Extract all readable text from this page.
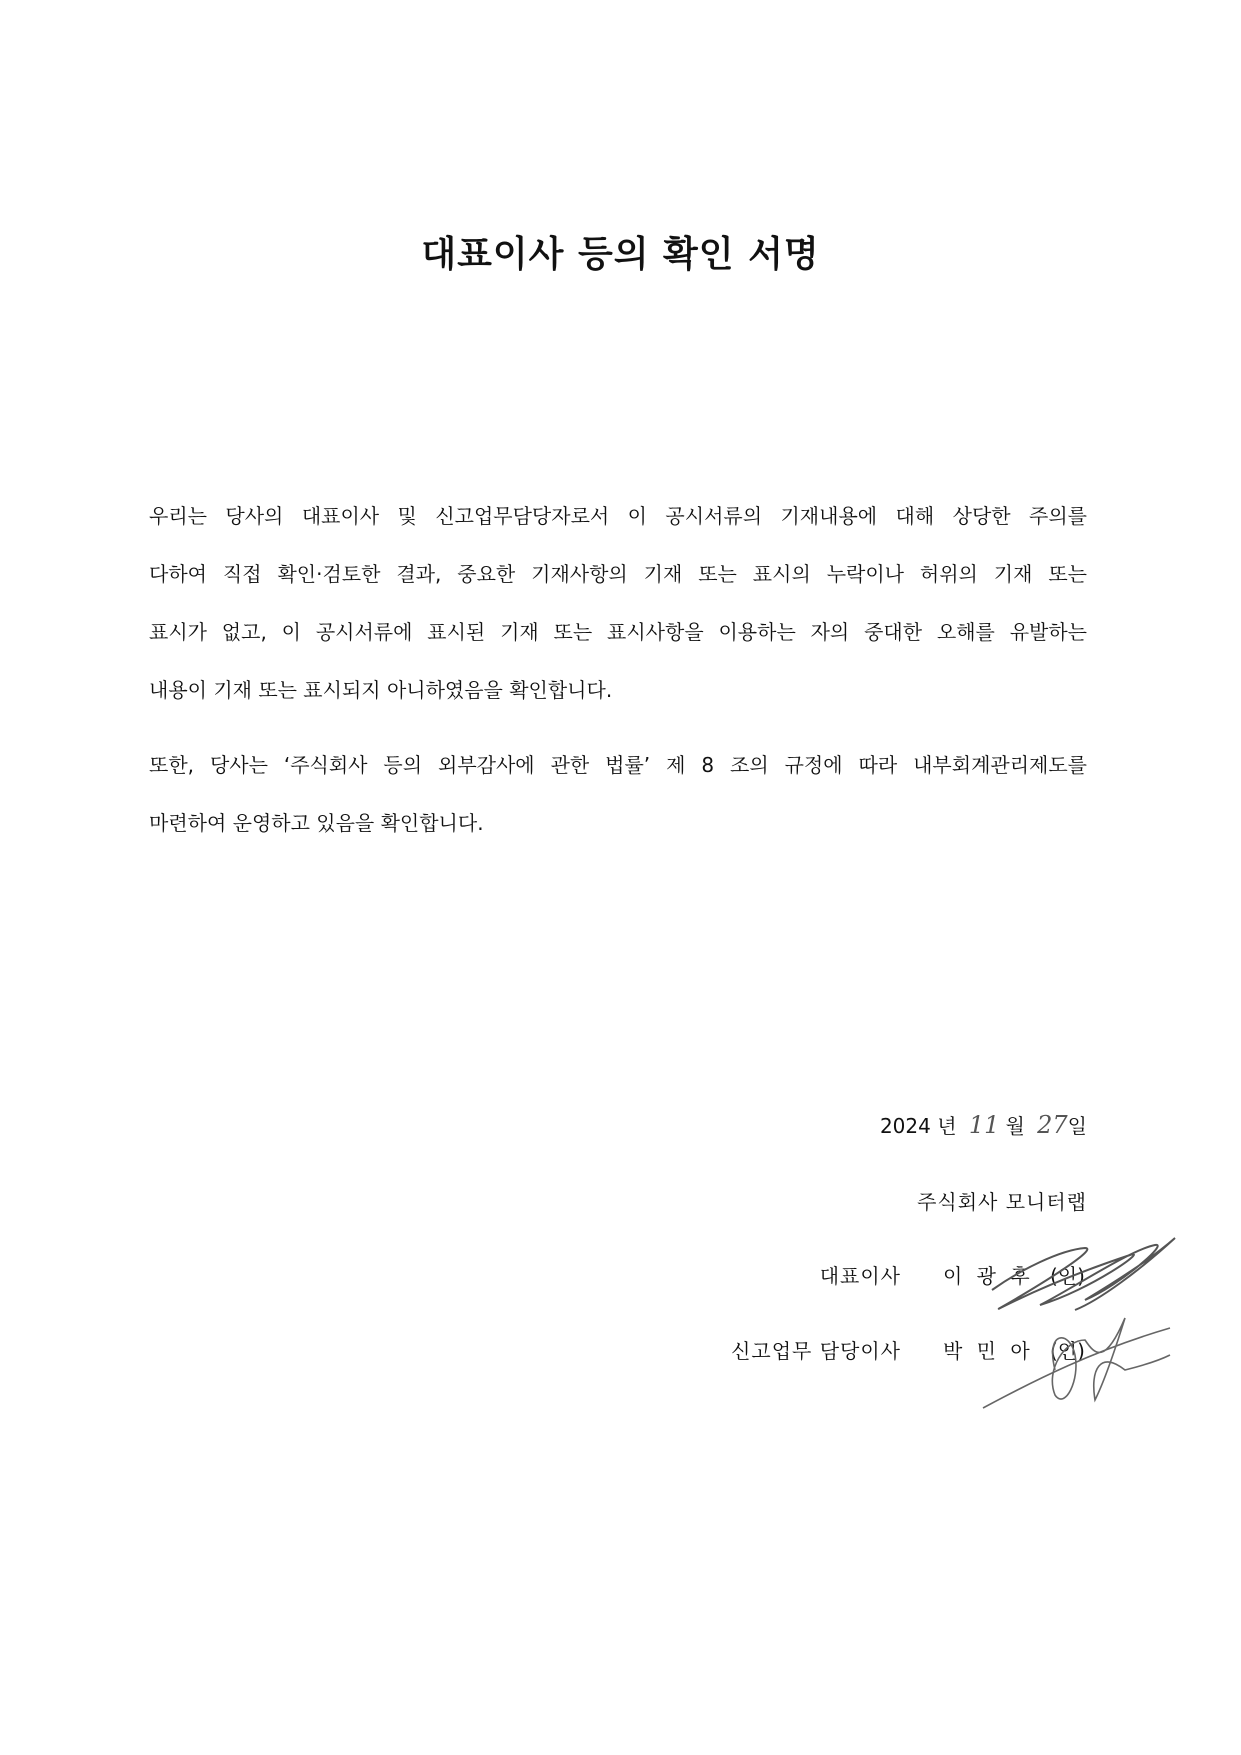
대표이사 등의 확인 서명
우리는 당사의 대표이사 및 신고업무담당자로서 이 공시서류의 기재내용에 대해 상당한 주의를
다하여 직접 확인·검토한 결과, 중요한 기재사항의 기재 또는 표시의 누락이나 허위의 기재 또는
표시가 없고, 이 공시서류에 표시된 기재 또는 표시사항을 이용하는 자의 중대한 오해를 유발하는
내용이 기재 또는 표시되지 아니하였음을 확인합니다.
또한, 당사는 ‘주식회사 등의 외부감사에 관한 법률’ 제 8 조의 규정에 따라 내부회계관리제도를
마련하여 운영하고 있음을 확인합니다.
2024 년 11 월 27일
주식회사 모니터랩
대표이사 이 광 후 (인)
신고업무 담당이사 박 민 아 (인)
